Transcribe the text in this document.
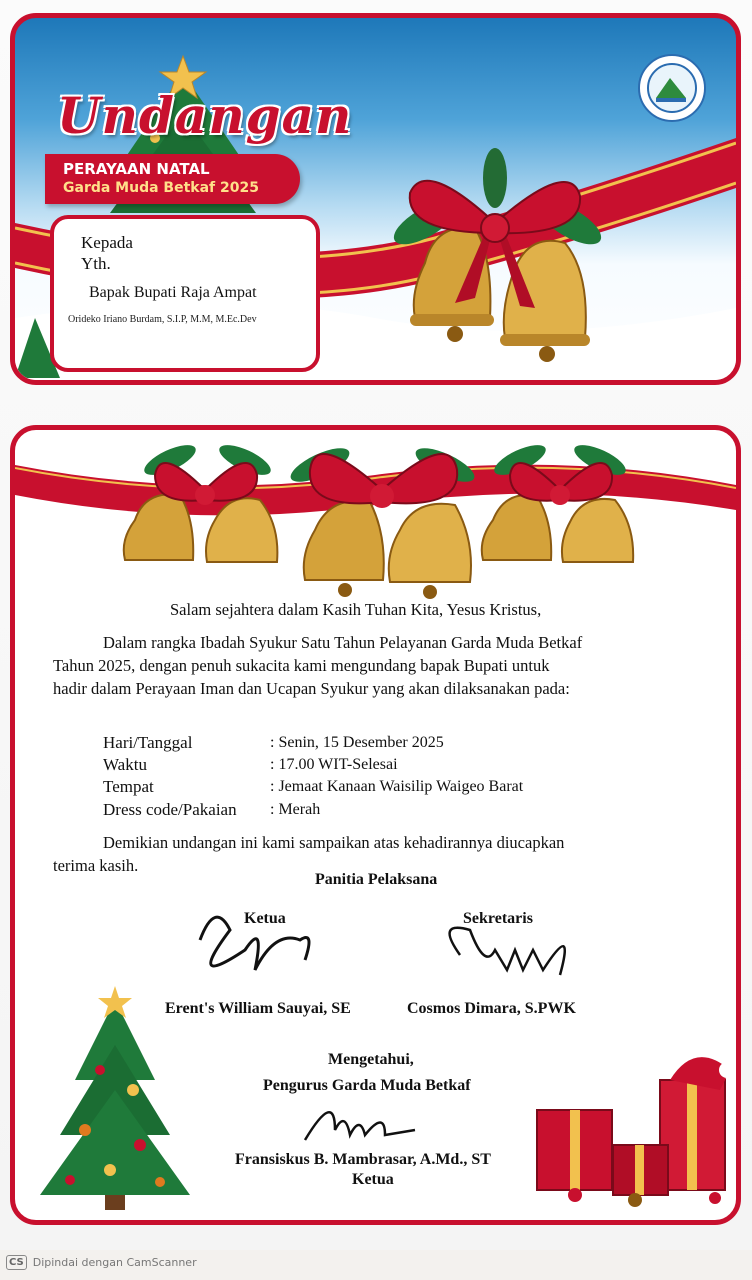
Undangan
PERAYAAN NATAL
Garda Muda Betkaf 2025
Kepada
Yth.
Bapak Bupati Raja Ampat
Orideko Iriano Burdam, S.I.P, M.M, M.Ec.Dev
Salam sejahtera dalam Kasih Tuhan Kita, Yesus Kristus,
Dalam rangka Ibadah Syukur Satu Tahun Pelayanan Garda Muda Betkaf
Tahun 2025, dengan penuh sukacita kami mengundang bapak Bupati untuk
hadir dalam Perayaan Iman dan Ucapan Syukur yang akan dilaksanakan pada:
Hari/Tanggal	: Senin, 15 Desember 2025
Waktu	: 17.00 WIT-Selesai
Tempat	: Jemaat Kanaan Waisilip Waigeo Barat
Dress code/Pakaian : Merah
Demikian undangan ini kami sampaikan atas kehadirannya diucapkan
terima kasih.
Panitia Pelaksana
Ketua	Sekretaris
Erent's William Sauyai, SE	Cosmos Dimara, S.PWK
Mengetahui,
Pengurus Garda Muda Betkaf
Fransiskus B. Mambrasar, A.Md., ST
Ketua
CS Dipindai dengan CamScanner
